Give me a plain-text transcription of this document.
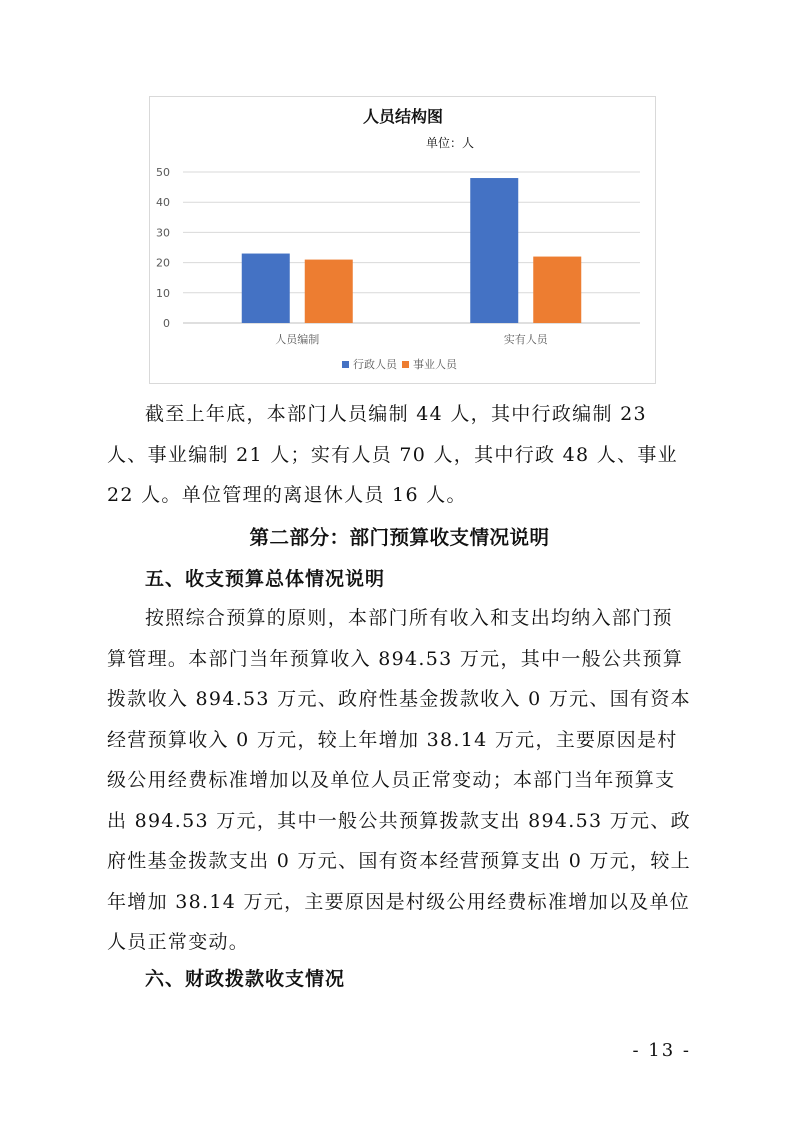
人员结构图
单位：人
0
10
20
30
40
50
人员编制	实有人员
行政人员 事业人员

截至上年底，本部门人员编制 44 人，其中行政编制 23 人、事业编制 21 人；实有人员 70 人，其中行政 48 人、事业 22 人。单位管理的离退休人员 16 人。

第二部分：部门预算收支情况说明

五、收支预算总体情况说明

按照综合预算的原则，本部门所有收入和支出均纳入部门预算管理。本部门当年预算收入 894.53 万元，其中一般公共预算拨款收入 894.53 万元、政府性基金拨款收入 0 万元、国有资本经营预算收入 0 万元，较上年增加 38.14 万元，主要原因是村级公用经费标准增加以及单位人员正常变动；本部门当年预算支出 894.53 万元，其中一般公共预算拨款支出 894.53 万元、政府性基金拨款支出 0 万元、国有资本经营预算支出 0 万元，较上年增加 38.14 万元，主要原因是村级公用经费标准增加以及单位人员正常变动。

六、财政拨款收支情况

- 13 -
